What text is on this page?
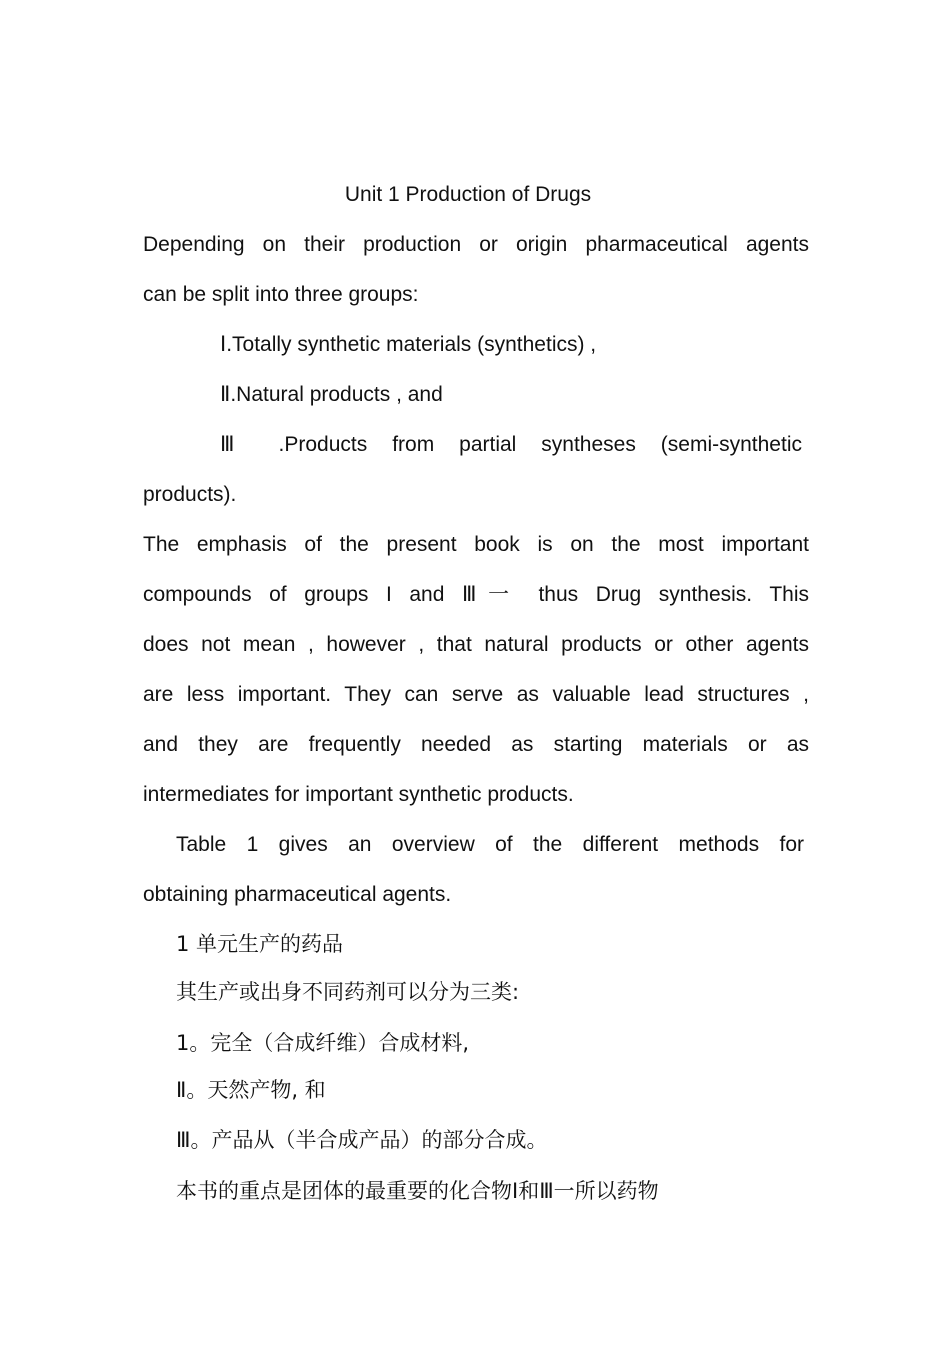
Unit 1 Production of Drugs
Depending on their production or origin pharmaceutical agents
can be split into three groups:
Ⅰ.Totally synthetic materials (synthetics) ,
Ⅱ.Natural products , and
Ⅲ .Products from partial syntheses (semi-synthetic
products).
The emphasis of the present book is on the most important
compounds of groups I and Ⅲ一 thus Drug synthesis. This
does not mean , however , that natural products or other agents
are less important. They can serve as valuable lead structures ,
and they are frequently needed as starting materials or as
intermediates for important synthetic products.
Table 1 gives an overview of the different methods for
obtaining pharmaceutical agents.
1 单元生产的药品
其生产或出身不同药剂可以分为三类:
1。完全（合成纤维）合成材料,
Ⅱ。天然产物, 和
Ⅲ。产品从（半合成产品）的部分合成。
本书的重点是团体的最重要的化合物Ⅰ和Ⅲ一所以药物
